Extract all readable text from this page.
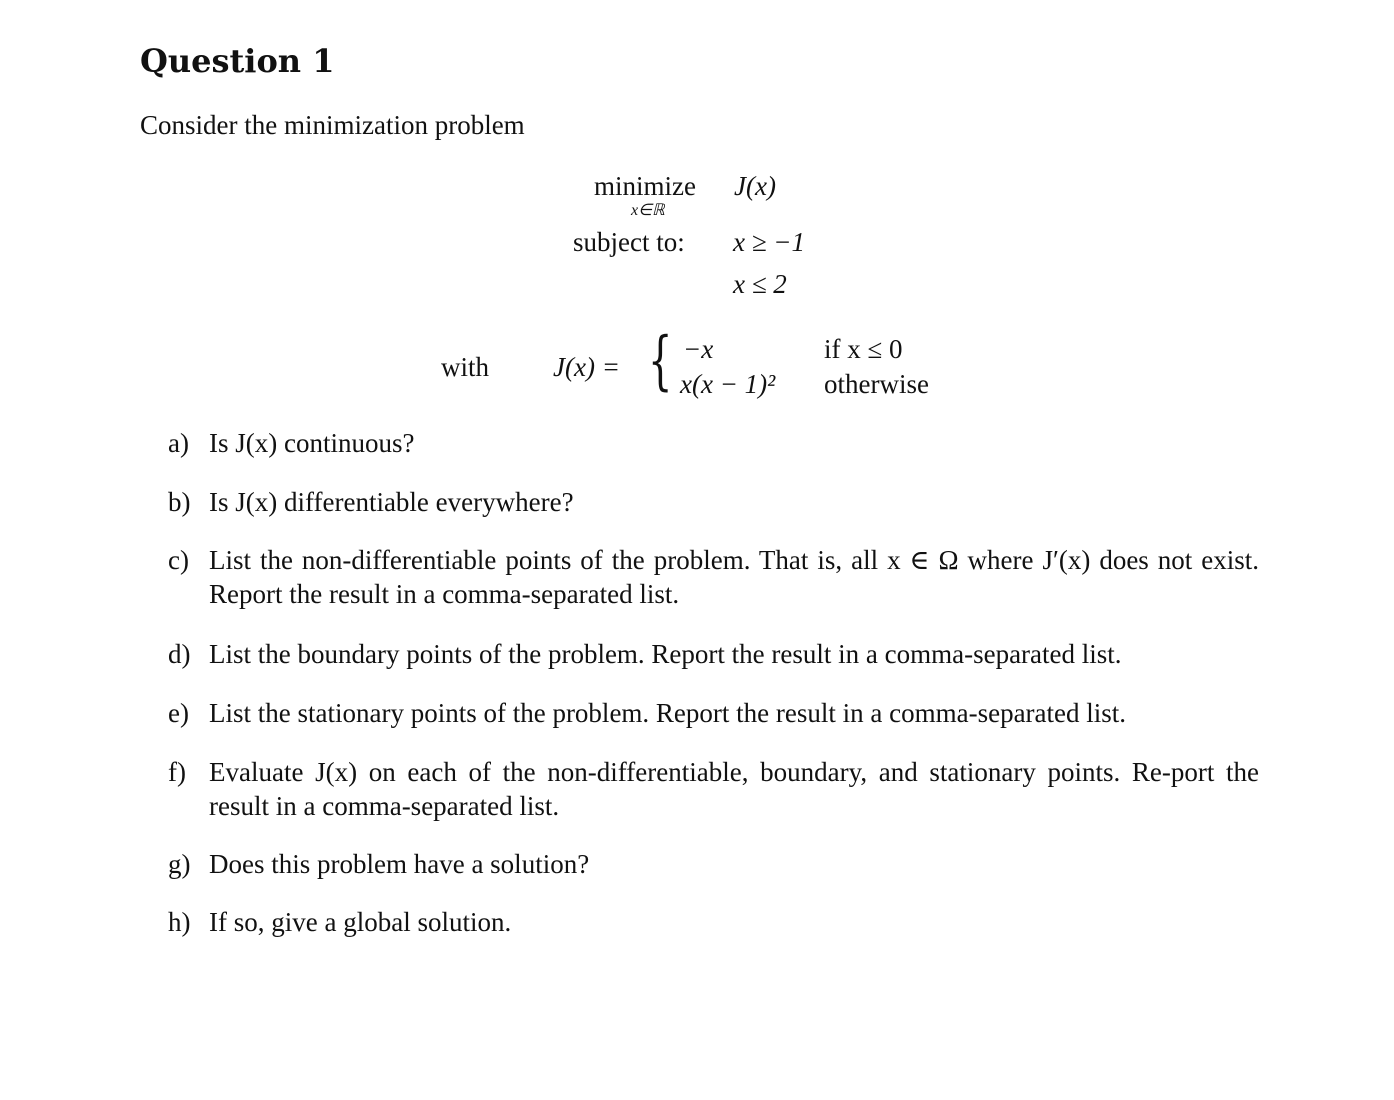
Question 1
Consider the minimization problem
minimize
x∈ℝ
J(x)
subject to: x ≥ −1
x ≤ 2
with J(x) = { −x	if x ≤ 0
x(x − 1)² otherwise
a) Is J(x) continuous?
b) Is J(x) differentiable everywhere?
c) List the non-differentiable points of the problem. That is, all x ∈ Ω where J′(x) does not exist. Report the result in a comma-separated list.
d) List the boundary points of the problem. Report the result in a comma-separated list.
e) List the stationary points of the problem. Report the result in a comma-separated list.
f) Evaluate J(x) on each of the non-differentiable, boundary, and stationary points. Re-port the result in a comma-separated list.
g) Does this problem have a solution?
h) If so, give a global solution.
